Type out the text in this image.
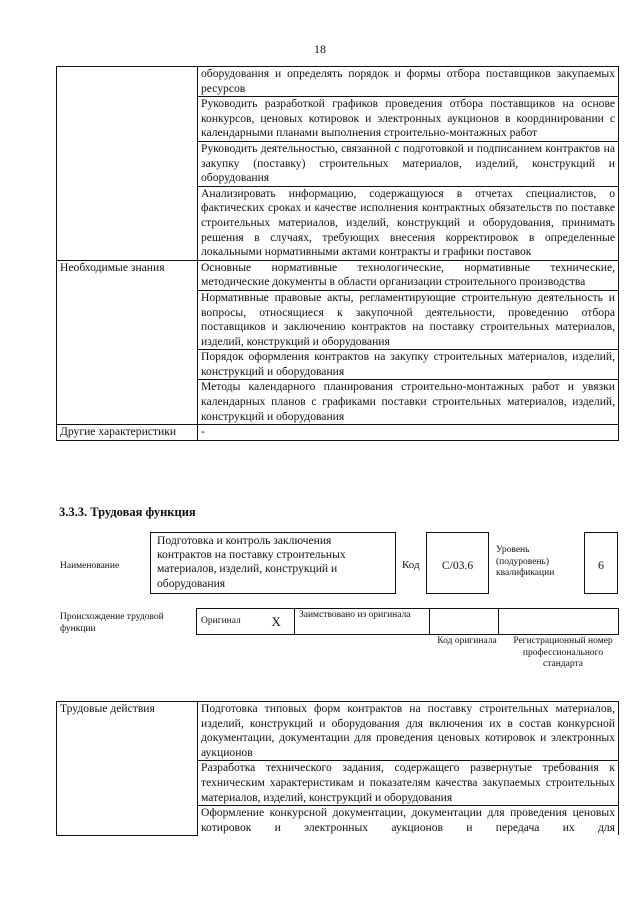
18
	оборудования и определять порядок и формы отбора поставщиков закупаемых ресурсов
	Руководить разработкой графиков проведения отбора поставщиков на основе конкурсов, ценовых котировок и электронных аукционов в координировании с календарными планами выполнения строительно-монтажных работ
	Руководить деятельностью, связанной с подготовкой и подписанием контрактов на закупку (поставку) строительных материалов, изделий, конструкций и оборудования
	Анализировать информацию, содержащуюся в отчетах специалистов, о фактических сроках и качестве исполнения контрактных обязательств по поставке строительных материалов, изделий, конструкций и оборудования, принимать решения в случаях, требующих внесения корректировок в определенные локальными нормативными актами контракты и графики поставок
Необходимые знания	Основные нормативные технологические, нормативные технические, методические документы в области организации строительного производства
	Нормативные правовые акты, регламентирующие строительную деятельность и вопросы, относящиеся к закупочной деятельности, проведению отбора поставщиков и заключению контрактов на поставку строительных материалов, изделий, конструкций и оборудования
	Порядок оформления контрактов на закупку строительных материалов, изделий, конструкций и оборудования
	Методы календарного планирования строительно-монтажных работ и увязки календарных планов с графиками поставки строительных материалов, изделий, конструкций и оборудования
Другие характеристики	-
3.3.3. Трудовая функция
Наименование
Подготовка и контроль заключения контрактов на поставку строительных материалов, изделий, конструкций и оборудования
Код	C/03.6
Уровень (подуровень) квалификации
6
Происхождение трудовой функции
Оригинал	X	Заимствовано из оригинала		
Код оригинала	Регистрационный номер профессионального стандарта
Трудовые действия	Подготовка типовых форм контрактов на поставку строительных материалов, изделий, конструкций и оборудования для включения их в состав конкурсной документации, документации для проведения ценовых котировок и электронных аукционов
Разработка технического задания, содержащего развернутые требования к техническим характеристикам и показателям качества закупаемых строительных материалов, изделий, конструкций и оборудования
Оформление конкурсной документации, документации для проведения ценовых котировок и электронных аукционов и передача их для
